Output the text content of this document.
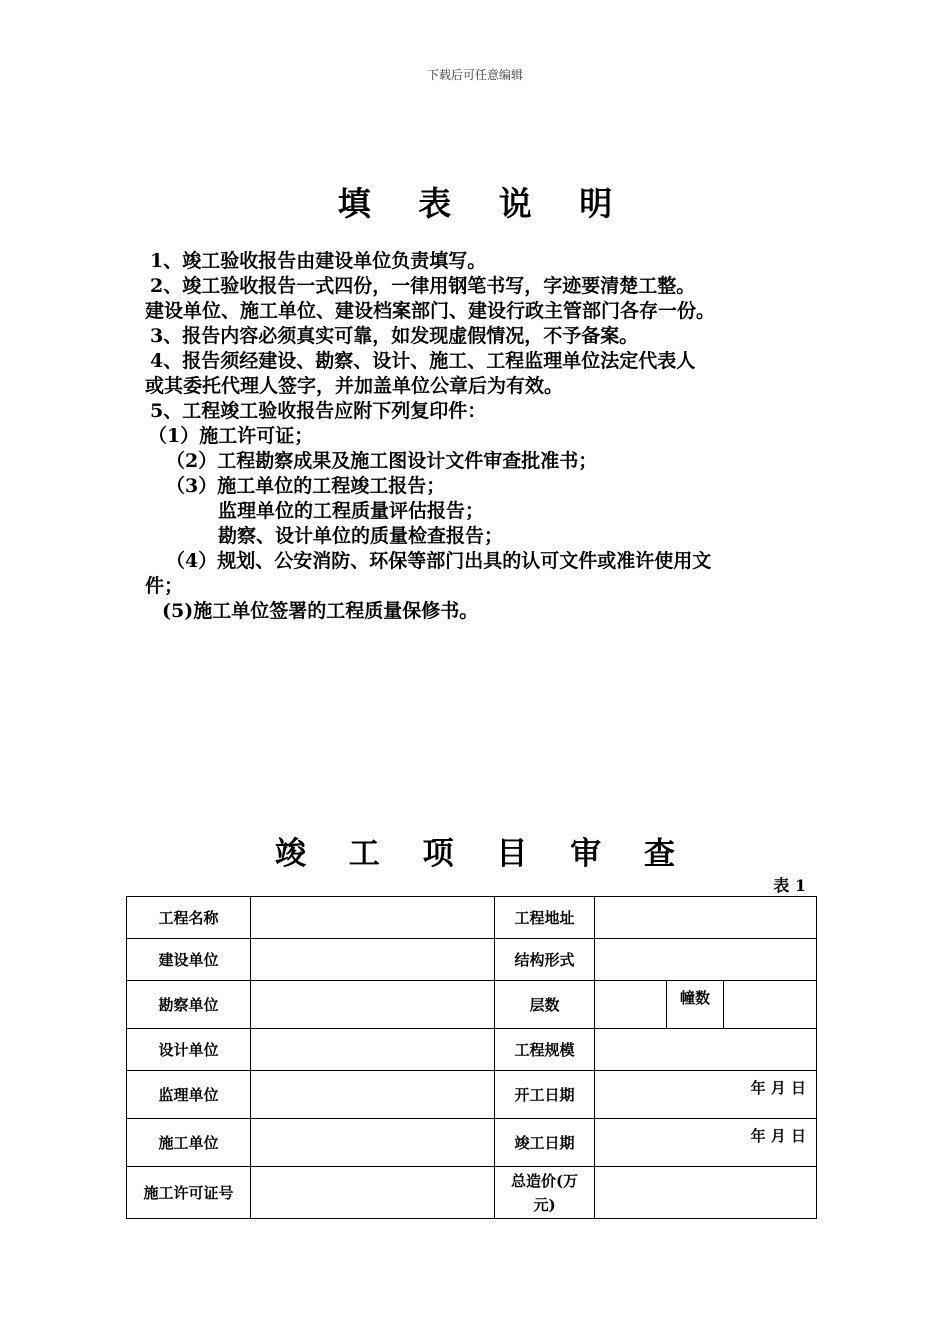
下载后可任意编辑
填 表 说 明
1、竣工验收报告由建设单位负责填写。
2、竣工验收报告一式四份，一律用钢笔书写，字迹要清楚工整。
建设单位、施工单位、建设档案部门、建设行政主管部门各存一份。
3、报告内容必须真实可靠，如发现虚假情况，不予备案。
4、报告须经建设、勘察、设计、施工、工程监理单位法定代表人
或其委托代理人签字，并加盖单位公章后为有效。
5、工程竣工验收报告应附下列复印件：
（1）施工许可证；
（2）工程勘察成果及施工图设计文件审查批准书；
（3）施工单位的工程竣工报告；
监理单位的工程质量评估报告；
勘察、设计单位的质量检查报告；
（4）规划、公安消防、环保等部门出具的认可文件或准许使用文
件；
(5)施工单位签署的工程质量保修书。
竣 工 项 目 审 查
表 1
工程名称		工程地址			
建设单位		结构形式			
勘察单位		层数		幢数	
设计单位		工程规模			
监理单位		开工日期	年 月 日		
施工单位		竣工日期	年 月 日		
施工许可证号		总造价(万元)			
